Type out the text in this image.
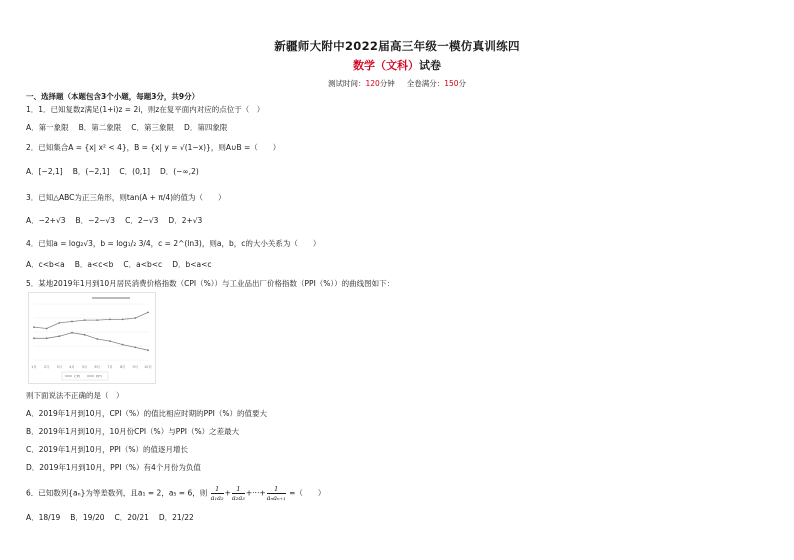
新疆师大附中2022届高三年级一模仿真训练四
数学（文科）试卷
测试时间：120分钟 全卷满分：150分
一、选择题（本题包含3个小题，每题3分，共9分）
1．1．已知复数z满足(1+i)z = 2i，则z在复平面内对应的点位于（　）
A．第一象限 B．第二象限 C．第三象限 D．第四象限
2．已知集合A = {x| x² < 4}，B = {x| y = √(1−x)}，则A∪B =（　　）
A．[−2,1] B．(−2,1] C．(0,1] D．(−∞,2)
3．已知△ABC为正三角形，则tan(A + π/4)的值为（　　）
A．−2+√3 B．−2−√3 C．2−√3 D．2+√3
4．已知a = log₂√3，b = log₁/₂ 3/4，c = 2^(ln3)，则a，b，c的大小关系为（　　）
A．c<b<a B．a<c<b C．a<b<c D．b<a<c
5．某地2019年1月到10月居民消费价格指数（CPI（%））与工业品出厂价格指数（PPI（%））的曲线图如下：
1月 2月 3月 4月 5月 6月 7月 8月 9月 10月
CPI	PPI
则下面说法不正确的是（　）
A．2019年1月到10月，CPI（%）的值比相应时期的PPI（%）的值要大
B．2019年1月到10月，10月份CPI（%）与PPI（%）之差最大
C．2019年1月到10月，PPI（%）的值逐月增长
D．2019年1月到10月，PPI（%）有4个月份为负值
6．已知数列{aₙ}为等差数列，且a₁ = 2，a₅ = 6，则 $\frac{1}{\text{a₁a₂}} + \frac{1}{\text{a₂a₃}}$ +···+ $\frac{1}{\text{aₙaₙ₊₁}}$ =（　　）
A．18/19 B．19/20 C．20/21 D．21/22
